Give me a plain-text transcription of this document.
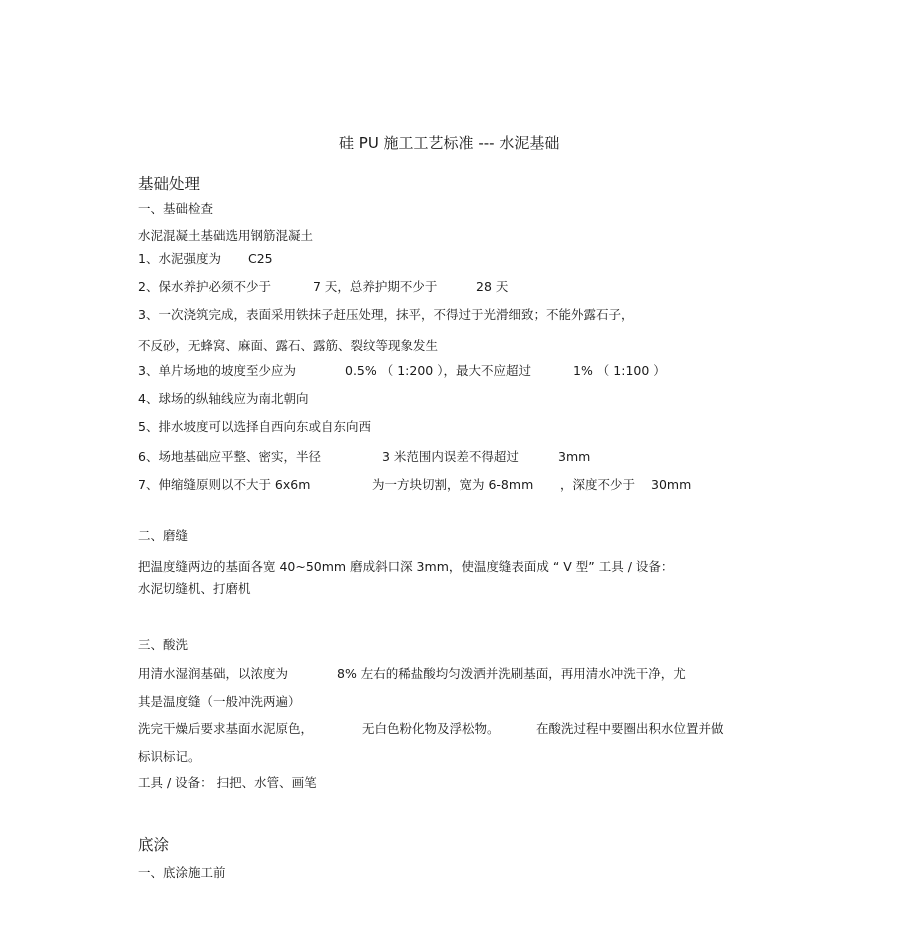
硅 PU 施工工艺标准 --- 水泥基础
基础处理
一、基础检查
水泥混凝土基础选用钢筋混凝土
1、水泥强度为 C25
2、保水养护必须不少于	7 天，总养护期不少于	28 天
3、一次浇筑完成，表面采用铁抹子赶压处理，抹平，不得过于光滑细致；不能外露石子，
不反砂，无蜂窝、麻面、露石、露筋、裂纹等现象发生
3、单片场地的坡度至少应为	0.5% （ 1:200 ），最大不应超过	1% （ 1:100 ）
4、球场的纵轴线应为南北朝向
5、排水坡度可以选择自西向东或自东向西
6、场地基础应平整、密实，半径	3 米范围内误差不得超过	3mm
7、伸缩缝原则以不大于 6x6m	为一方块切割，宽为 6-8mm ，深度不少于 30mm
二、磨缝
把温度缝两边的基面各宽 40~50mm 磨成斜口深 3mm，使温度缝表面成 “ V 型” 工具 / 设备：
水泥切缝机、打磨机
三、酸洗
用清水湿润基础，以浓度为	8% 左右的稀盐酸均匀泼洒并洗刷基面，再用清水冲洗干净，尤
其是温度缝（一般冲洗两遍）
洗完干燥后要求基面水泥原色，	无白色粉化物及浮松物。	在酸洗过程中要圈出积水位置并做
标识标记。
工具 / 设备： 扫把、水管、画笔
底涂
一、底涂施工前
